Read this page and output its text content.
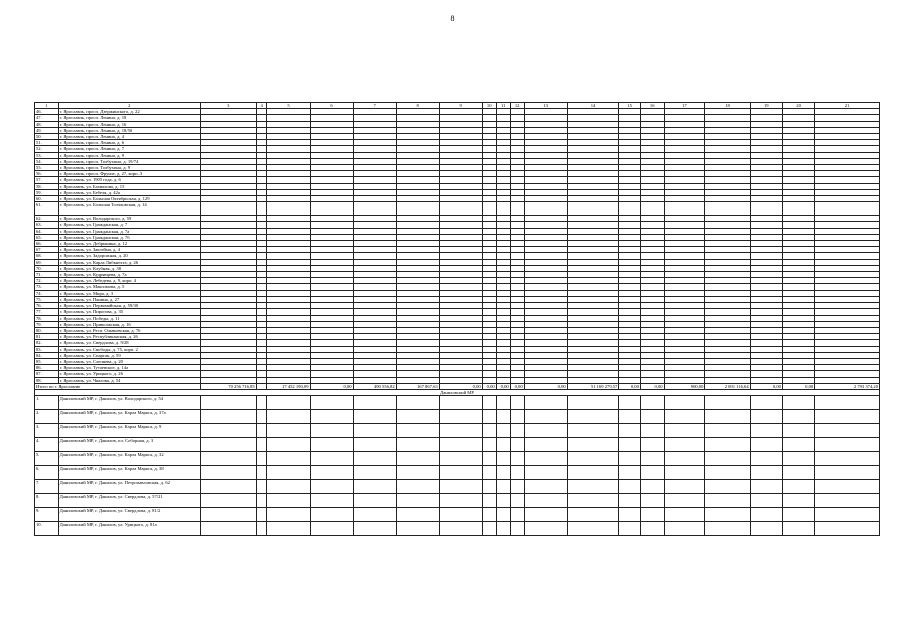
8
1	2	3	4	5	6	7	8	9	10	11	12	13	14	15	16	17	18	19	20	21
46.	г. Ярославль, просп. Дзержинского, д. 22																			
47.	г. Ярославль, просп. Ленина, д. 18																			
48.	г. Ярославль, просп. Ленина, д. 16																			
49.	г. Ярославль, просп. Ленина, д. 18/50																			
50.	г. Ярославль, просп. Ленина, д. 4																			
51.	г. Ярославль, просп. Ленина, д. 6																			
52.	г. Ярославль, просп. Ленина, д. 7																			
53.	г. Ярославль, просп. Ленина, д. 9																			
54.	г. Ярославль, просп. Толбухина, д. 19/74																			
55.	г. Ярославль, просп. Толбухина, д. 9																			
56.	г. Ярославль, просп. Фрунзе, д. 27, корп. 3																			
57.	г. Ярославль, ул. 1905 года, д. 6																			
58.	г. Ярославль, ул. Бахвалова, д. 15																			
59.	г. Ярославль, ул. Бебеля, д. 42а																			
60.	г. Ярославль, ул. Большая Октябрьская, д. 129																			
61.	г. Ярославль, ул. Большая Толчковская, д. 14																			
62.	г. Ярославль, ул. Володарского, д. 59																			
63.	г. Ярославль, ул. Гражданская, д. 7																			
64.	г. Ярославль, ул. Гражданская, д. 7а																			
65.	г. Ярославль, ул. Гражданская, д. 7б																			
66.	г. Ярославль, ул. Добрынина, д. 12																			
67.	г. Ярославль, ул. Закгейма, д. 4																			
68.	г. Ярославль, ул. Задорожная, д. 20																			
69.	г. Ярославль, ул. Карла Либкнехта, д. 26																			
70.	г. Ярославль, ул. Клубная, д. 38																			
71.	г. Ярославль, ул. Кудрявцева, д. 7а																			
72.	г. Ярославль, ул. Лебедева, д. 9, корп. 4																			
73.	г. Ярославль, ул. Максимова, д. 5																			
74.	г. Ярославль, ул. Мира, д. 3																			
75.	г. Ярославль, ул. Панина, д. 27																			
76.	г. Ярославль, ул. Первомайская, д. 59/30																			
77.	г. Ярославль, ул. Пирогова, д. 35																			
78.	г. Ярославль, ул. Победы, д. 11																			
79.	г. Ярославль, ул. Приволжская, д. 16																			
80.	г. Ярославль, ул. Респ. Ольвьевская, д. 76																			
81.	г. Ярославль, ул. Республиканская, д. 26																			
82.	г. Ярославль, ул. Свердлова, д. 9/28																			
83.	г. Ярославль, ул. Свободы, д. 75, корп. 2																			
84.	г. Ярославль, ул. Спартак, д. 59																			
85.	г. Ярославль, ул. Слепнева, д. 20																			
86.	г. Ярославль, ул. Тутаевское, д. 14а																			
87.	г. Ярославль, ул. Урицкого, д. 26																			
88.	г. Ярославль, ул. Чкалова, д. 54																			
Итого по г. Ярославлю		70 256 716,85		17 452 190,09	0,00	490 556,82	167 867,63	0,00	0,00	0,00	0,00	0,00	51 169 279,57	0,00	0,00	900,00	2 691 116,64	0,00	0,00	2 793 374,20
Даниловский МР																				
1.	Даниловский МР, г. Данилов, ул. Володарского, д. 54																			
2.	Даниловский МР, г. Данилов, ул. Карла Маркса, д. 37а																			
3.	Даниловский МР, г. Данилов, ул. Карла Маркса, д. 9																			
4.	Даниловский МР, г. Данилов, пл. Соборная, д. 3																			
5.	Даниловский МР, г. Данилов, ул. Карла Маркса, д. 32																			
6.	Даниловский МР, г. Данилов, ул. Карла Маркса, д. 38																			
7.	Даниловский МР, г. Данилов, ул. Петропавловская, д. 62																			
8.	Даниловский МР, г. Данилов, ул. Свердлова, д. 57/21																			
9.	Даниловский МР, г. Данилов, ул. Свердлова, д. 81/2																			
10.	Даниловский МР, г. Данилов, ул. Урицкого, д. 81а																			
